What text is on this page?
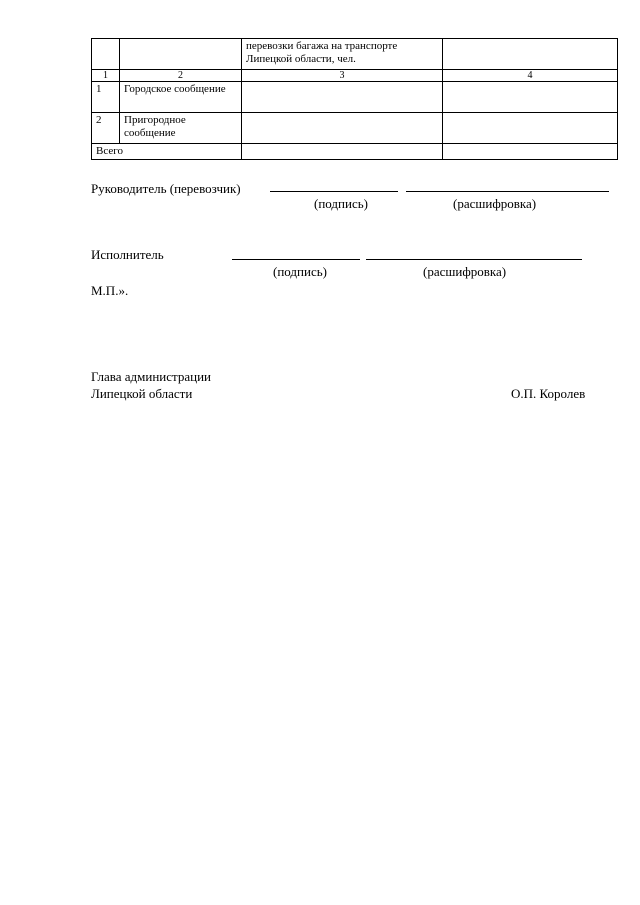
		перевозки багажа на транспорте Липецкой области, чел.	
1	2	3	4
1	Городское сообщение		
2	Пригородное сообщение		
Всего			
Руководитель (перевозчик)
(подпись)	(расшифровка)
Исполнитель
(подпись)	(расшифровка)
М.П.».
Глава администрации
Липецкой области	О.П. Королев
